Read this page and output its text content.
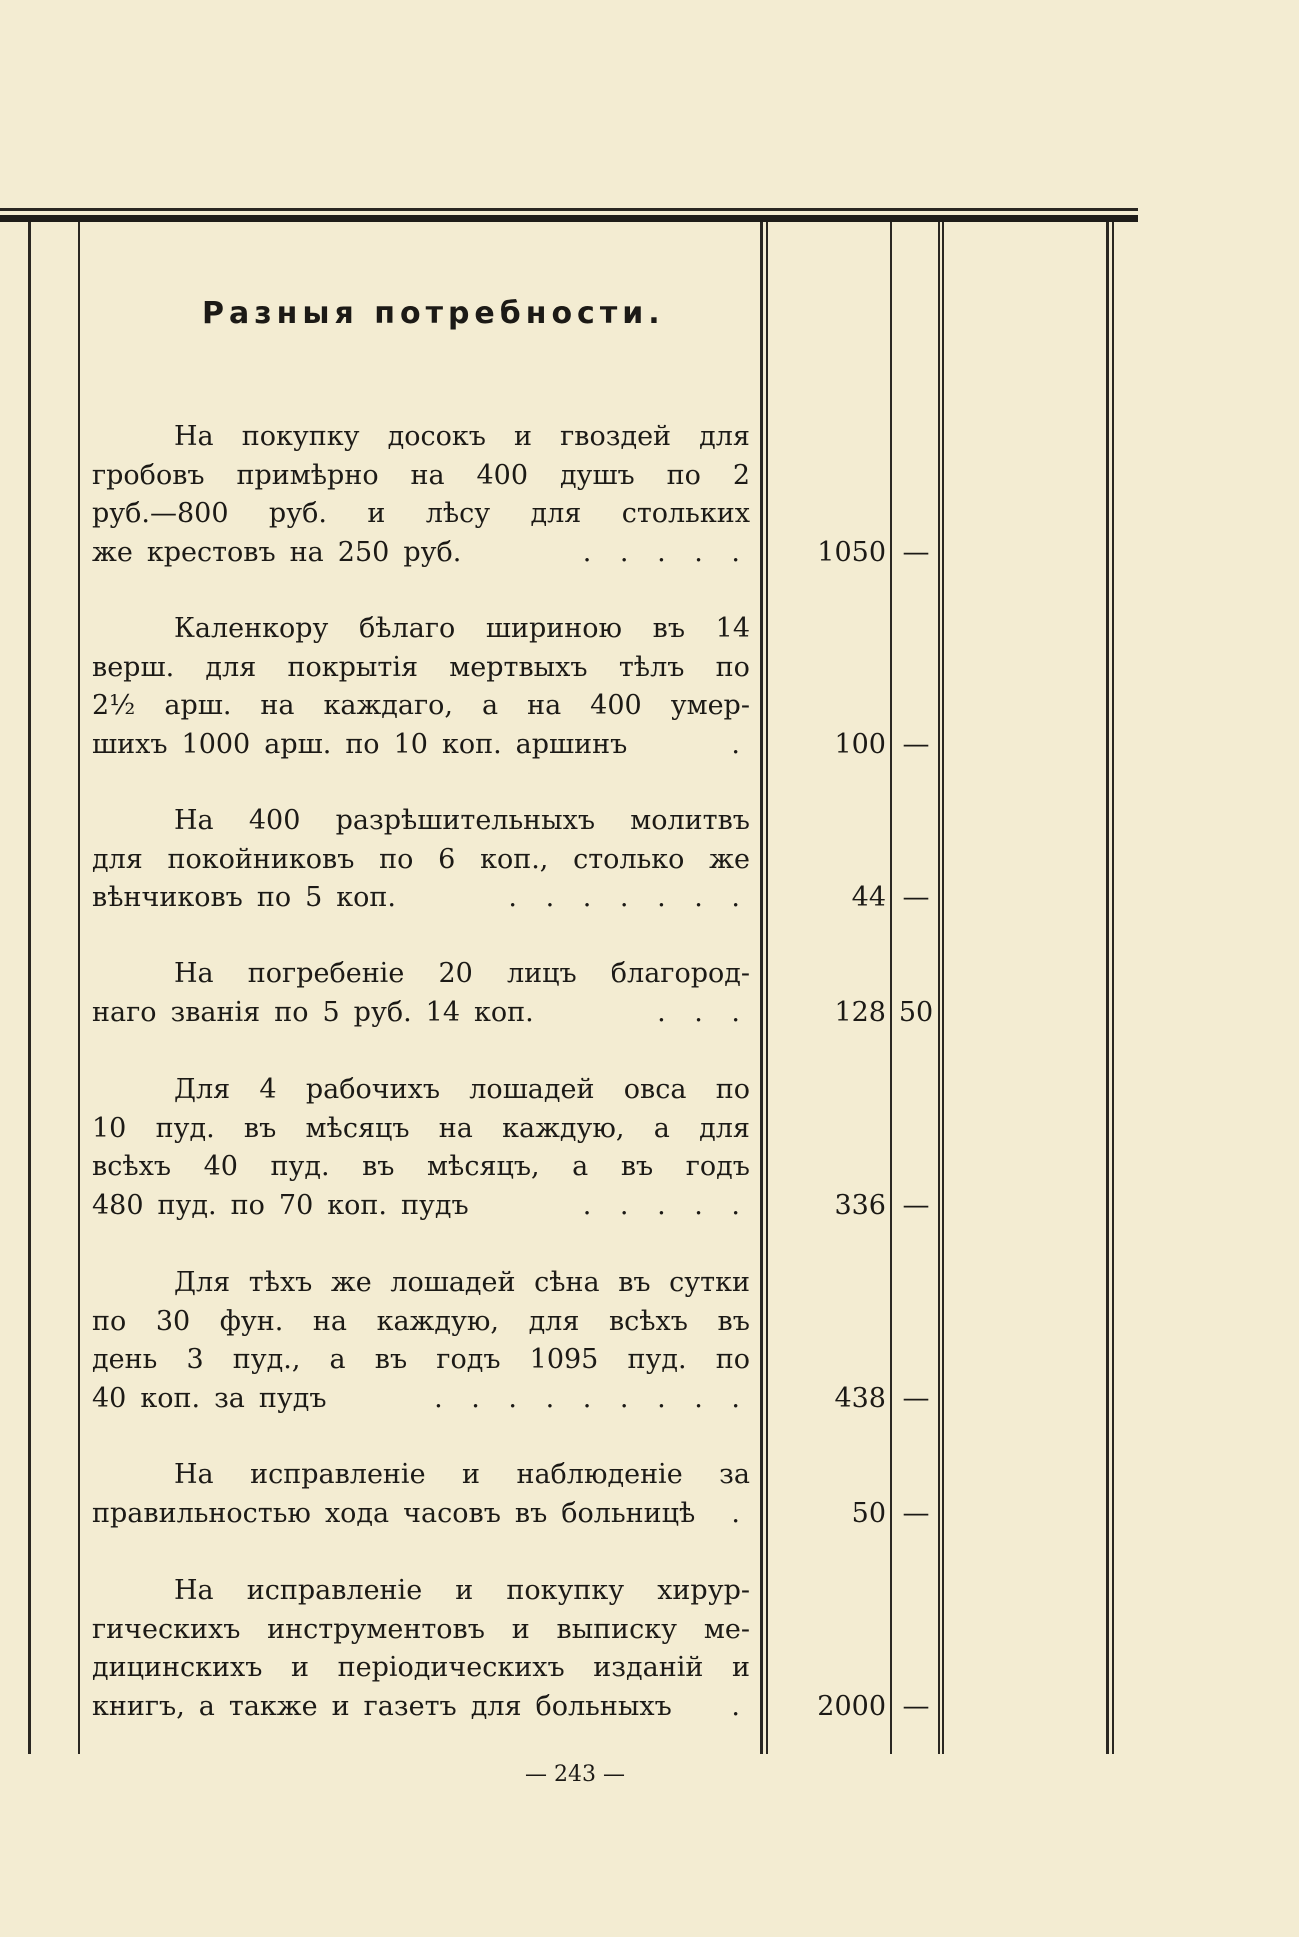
Разныя потребности.
На покупку досокъ и гвоздей для
гробовъ примѣрно на 400 душъ по 2
руб.—800 руб. и лѣсу для стольких
же крестовъ на 250 руб.	. . . . .	1050 —
Каленкору бѣлаго шириною въ 14
верш. для покрытія мертвыхъ тѣлъ по
2½ арш. на каждаго, а на 400 умер-
шихъ 1000 арш. по 10 коп. аршинъ	.	100 —
На 400 разрѣшительныхъ молитвъ
для покойниковъ по 6 коп., столько же
вѣнчиковъ по 5 коп.	. . . . . . .	44 —
На погребеніе 20 лицъ благород-
наго званія по 5 руб. 14 коп.	. . .	128 50
Для 4 рабочихъ лошадей овса по
10 пуд. въ мѣсяцъ на каждую, а для
всѣхъ 40 пуд. въ мѣсяцъ, а въ годъ
480 пуд. по 70 коп. пудъ	. . . . .	336 —
Для тѣхъ же лошадей сѣна въ сутки
по 30 фун. на каждую, для всѣхъ въ
день 3 пуд., а въ годъ 1095 пуд. по
40 коп. за пудъ	. . . . . . . . .	438 —
На исправленіе и наблюденіе за
правильностью хода часовъ въ больницѣ	.	50 —
На исправленіе и покупку хирур-
гическихъ инструментовъ и выписку ме-
дицинскихъ и періодическихъ изданій и
книгъ, а также и газетъ для больныхъ	.	2000 —
— 243 —
